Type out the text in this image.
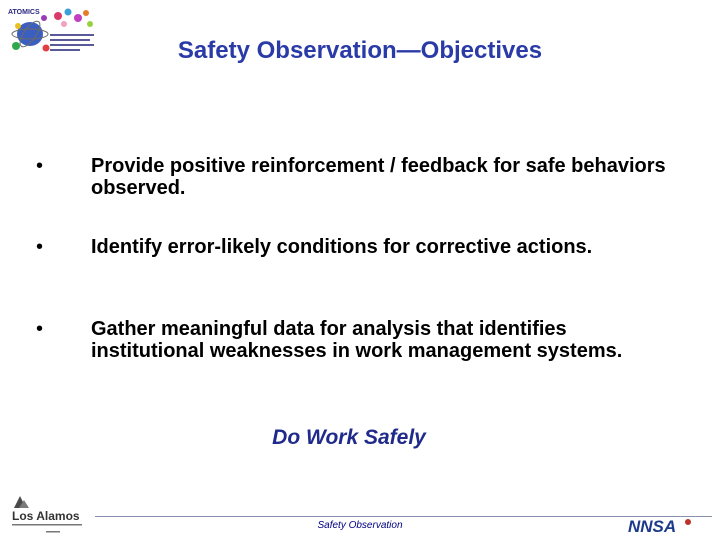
ATOMICS
Safety Observation—Objectives
• Provide positive reinforcement / feedback for safe behaviors observed.
• Identify error-likely conditions for corrective actions.
• Gather meaningful data for analysis that identifies institutional weaknesses in work management systems.
Do Work Safely
Los Alamos
Safety Observation	NNSA
